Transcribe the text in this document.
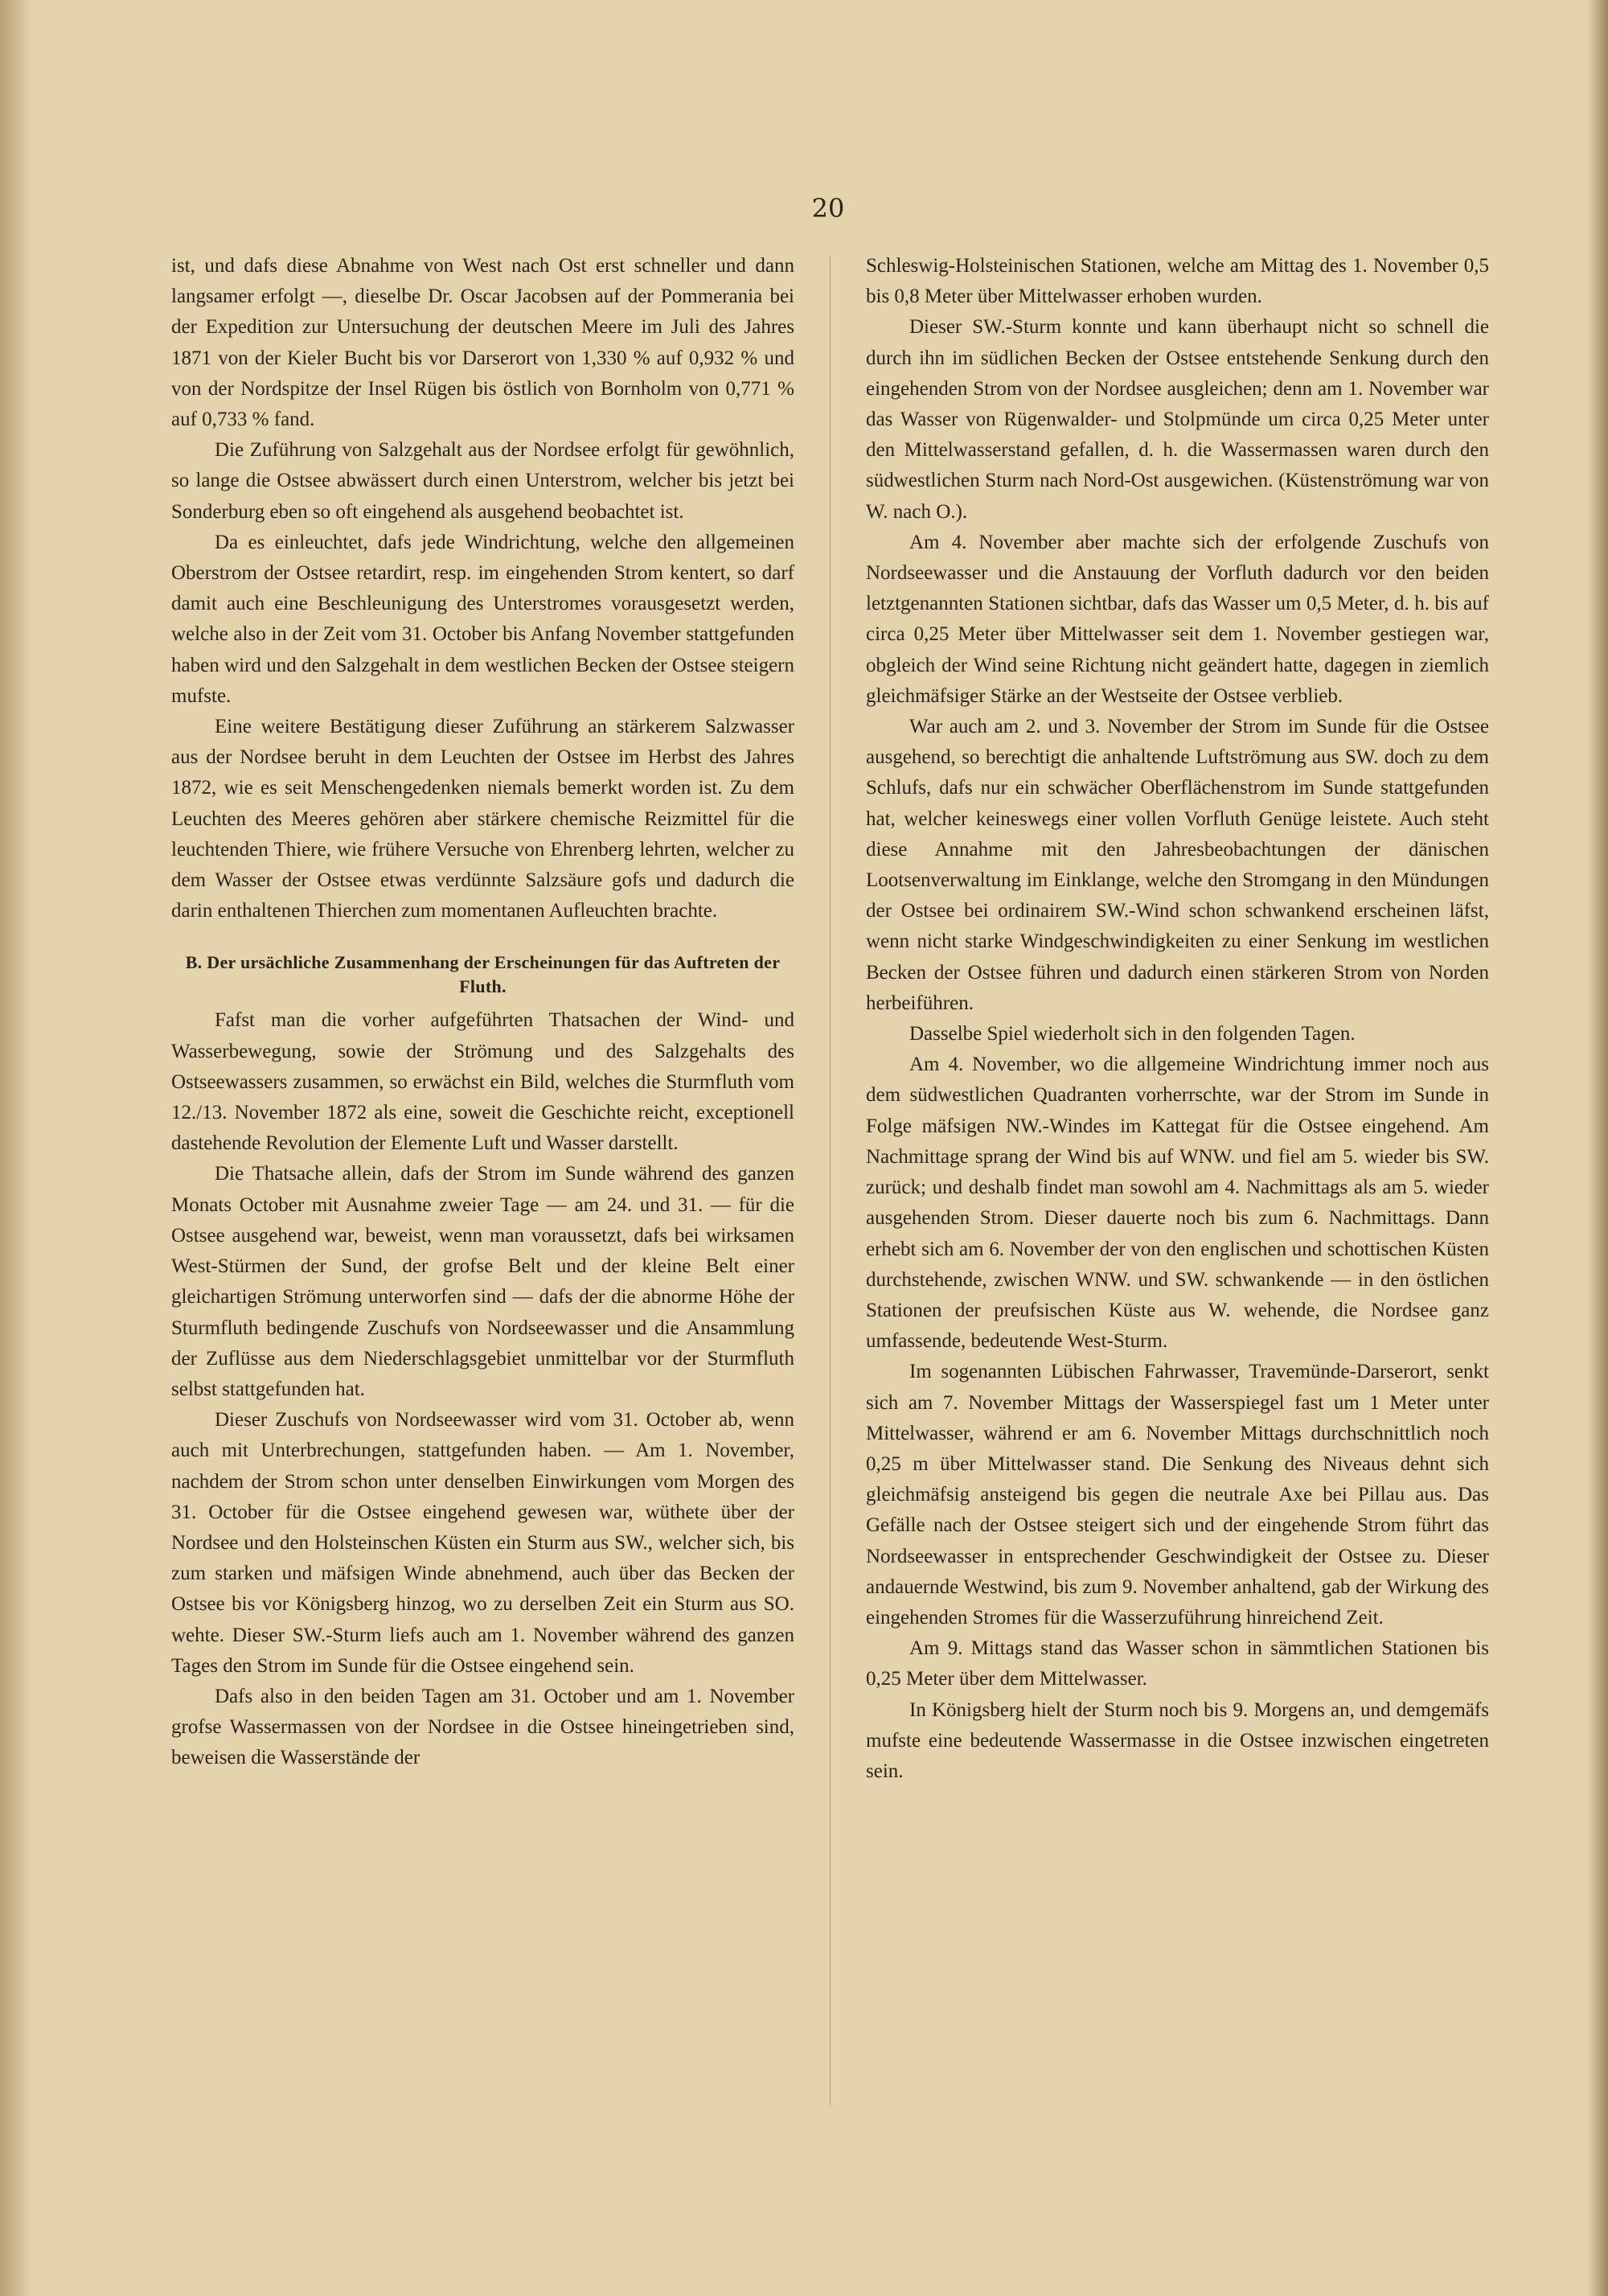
20

ist, und dafs diese Abnahme von West nach Ost erst schneller und dann langsamer erfolgt —, dieselbe Dr. Oscar Jacobsen auf der Pommerania bei der Expedition zur Untersuchung der deutschen Meere im Juli des Jahres 1871 von der Kieler Bucht bis vor Darserort von 1,330 % auf 0,932 % und von der Nordspitze der Insel Rügen bis östlich von Bornholm von 0,771 % auf 0,733 % fand.

Die Zuführung von Salzgehalt aus der Nordsee erfolgt für gewöhnlich, so lange die Ostsee abwässert durch einen Unterstrom, welcher bis jetzt bei Sonderburg eben so oft eingehend als ausgehend beobachtet ist.

Da es einleuchtet, dafs jede Windrichtung, welche den allgemeinen Oberstrom der Ostsee retardirt, resp. im eingehenden Strom kentert, so darf damit auch eine Beschleunigung des Unterstromes vorausgesetzt werden, welche also in der Zeit vom 31. October bis Anfang November stattgefunden haben wird und den Salzgehalt in dem westlichen Becken der Ostsee steigern mufste.

Eine weitere Bestätigung dieser Zuführung an stärkerem Salzwasser aus der Nordsee beruht in dem Leuchten der Ostsee im Herbst des Jahres 1872, wie es seit Menschengedenken niemals bemerkt worden ist. Zu dem Leuchten des Meeres gehören aber stärkere chemische Reizmittel für die leuchtenden Thiere, wie frühere Versuche von Ehrenberg lehrten, welcher zu dem Wasser der Ostsee etwas verdünnte Salzsäure gofs und dadurch die darin enthaltenen Thierchen zum momentanen Aufleuchten brachte.

B. Der ursächliche Zusammenhang der Erscheinungen für das Auftreten der Fluth.

Fafst man die vorher aufgeführten Thatsachen der Wind- und Wasserbewegung, sowie der Strömung und des Salzgehalts des Ostseewassers zusammen, so erwächst ein Bild, welches die Sturmfluth vom 12./13. November 1872 als eine, soweit die Geschichte reicht, exceptionell dastehende Revolution der Elemente Luft und Wasser darstellt.

Die Thatsache allein, dafs der Strom im Sunde während des ganzen Monats October mit Ausnahme zweier Tage — am 24. und 31. — für die Ostsee ausgehend war, beweist, wenn man voraussetzt, dafs bei wirksamen West-Stürmen der Sund, der grofse Belt und der kleine Belt einer gleichartigen Strömung unterworfen sind — dafs der die abnorme Höhe der Sturmfluth bedingende Zuschufs von Nordseewasser und die Ansammlung der Zuflüsse aus dem Niederschlagsgebiet unmittelbar vor der Sturmfluth selbst stattgefunden hat.

Dieser Zuschufs von Nordseewasser wird vom 31. October ab, wenn auch mit Unterbrechungen, stattgefunden haben. — Am 1. November, nachdem der Strom schon unter denselben Einwirkungen vom Morgen des 31. October für die Ostsee eingehend gewesen war, wüthete über der Nordsee und den Holsteinschen Küsten ein Sturm aus SW., welcher sich, bis zum starken und mäfsigen Winde abnehmend, auch über das Becken der Ostsee bis vor Königsberg hinzog, wo zu derselben Zeit ein Sturm aus SO. wehte. Dieser SW.-Sturm liefs auch am 1. November während des ganzen Tages den Strom im Sunde für die Ostsee eingehend sein.

Dafs also in den beiden Tagen am 31. October und am 1. November grofse Wassermassen von der Nordsee in die Ostsee hineingetrieben sind, beweisen die Wasserstände der

Schleswig-Holsteinischen Stationen, welche am Mittag des 1. November 0,5 bis 0,8 Meter über Mittelwasser erhoben wurden.

Dieser SW.-Sturm konnte und kann überhaupt nicht so schnell die durch ihn im südlichen Becken der Ostsee entstehende Senkung durch den eingehenden Strom von der Nordsee ausgleichen; denn am 1. November war das Wasser von Rügenwalder- und Stolpmünde um circa 0,25 Meter unter den Mittelwasserstand gefallen, d. h. die Wassermassen waren durch den südwestlichen Sturm nach Nord-Ost ausgewichen. (Küstenströmung war von W. nach O.).

Am 4. November aber machte sich der erfolgende Zuschufs von Nordseewasser und die Anstauung der Vorfluth dadurch vor den beiden letztgenannten Stationen sichtbar, dafs das Wasser um 0,5 Meter, d. h. bis auf circa 0,25 Meter über Mittelwasser seit dem 1. November gestiegen war, obgleich der Wind seine Richtung nicht geändert hatte, dagegen in ziemlich gleichmäfsiger Stärke an der Westseite der Ostsee verblieb.

War auch am 2. und 3. November der Strom im Sunde für die Ostsee ausgehend, so berechtigt die anhaltende Luftströmung aus SW. doch zu dem Schlufs, dafs nur ein schwächer Oberflächenstrom im Sunde stattgefunden hat, welcher keineswegs einer vollen Vorfluth Genüge leistete. Auch steht diese Annahme mit den Jahresbeobachtungen der dänischen Lootsenverwaltung im Einklange, welche den Stromgang in den Mündungen der Ostsee bei ordinairem SW.-Wind schon schwankend erscheinen läfst, wenn nicht starke Windgeschwindigkeiten zu einer Senkung im westlichen Becken der Ostsee führen und dadurch einen stärkeren Strom von Norden herbeiführen.

Dasselbe Spiel wiederholt sich in den folgenden Tagen.

Am 4. November, wo die allgemeine Windrichtung immer noch aus dem südwestlichen Quadranten vorherrschte, war der Strom im Sunde in Folge mäfsigen NW.-Windes im Kattegat für die Ostsee eingehend. Am Nachmittage sprang der Wind bis auf WNW. und fiel am 5. wieder bis SW. zurück; und deshalb findet man sowohl am 4. Nachmittags als am 5. wieder ausgehenden Strom. Dieser dauerte noch bis zum 6. Nachmittags. Dann erhebt sich am 6. November der von den englischen und schottischen Küsten durchstehende, zwischen WNW. und SW. schwankende — in den östlichen Stationen der preufsischen Küste aus W. wehende, die Nordsee ganz umfassende, bedeutende West-Sturm.

Im sogenannten Lübischen Fahrwasser, Travemünde-Darserort, senkt sich am 7. November Mittags der Wasserspiegel fast um 1 Meter unter Mittelwasser, während er am 6. November Mittags durchschnittlich noch 0,25 m über Mittelwasser stand. Die Senkung des Niveaus dehnt sich gleichmäfsig ansteigend bis gegen die neutrale Axe bei Pillau aus. Das Gefälle nach der Ostsee steigert sich und der eingehende Strom führt das Nordseewasser in entsprechender Geschwindigkeit der Ostsee zu. Dieser andauernde Westwind, bis zum 9. November anhaltend, gab der Wirkung des eingehenden Stromes für die Wasserzuführung hinreichend Zeit.

Am 9. Mittags stand das Wasser schon in sämmtlichen Stationen bis 0,25 Meter über dem Mittelwasser.

In Königsberg hielt der Sturm noch bis 9. Morgens an, und demgemäfs mufste eine bedeutende Wassermasse in die Ostsee inzwischen eingetreten sein.
